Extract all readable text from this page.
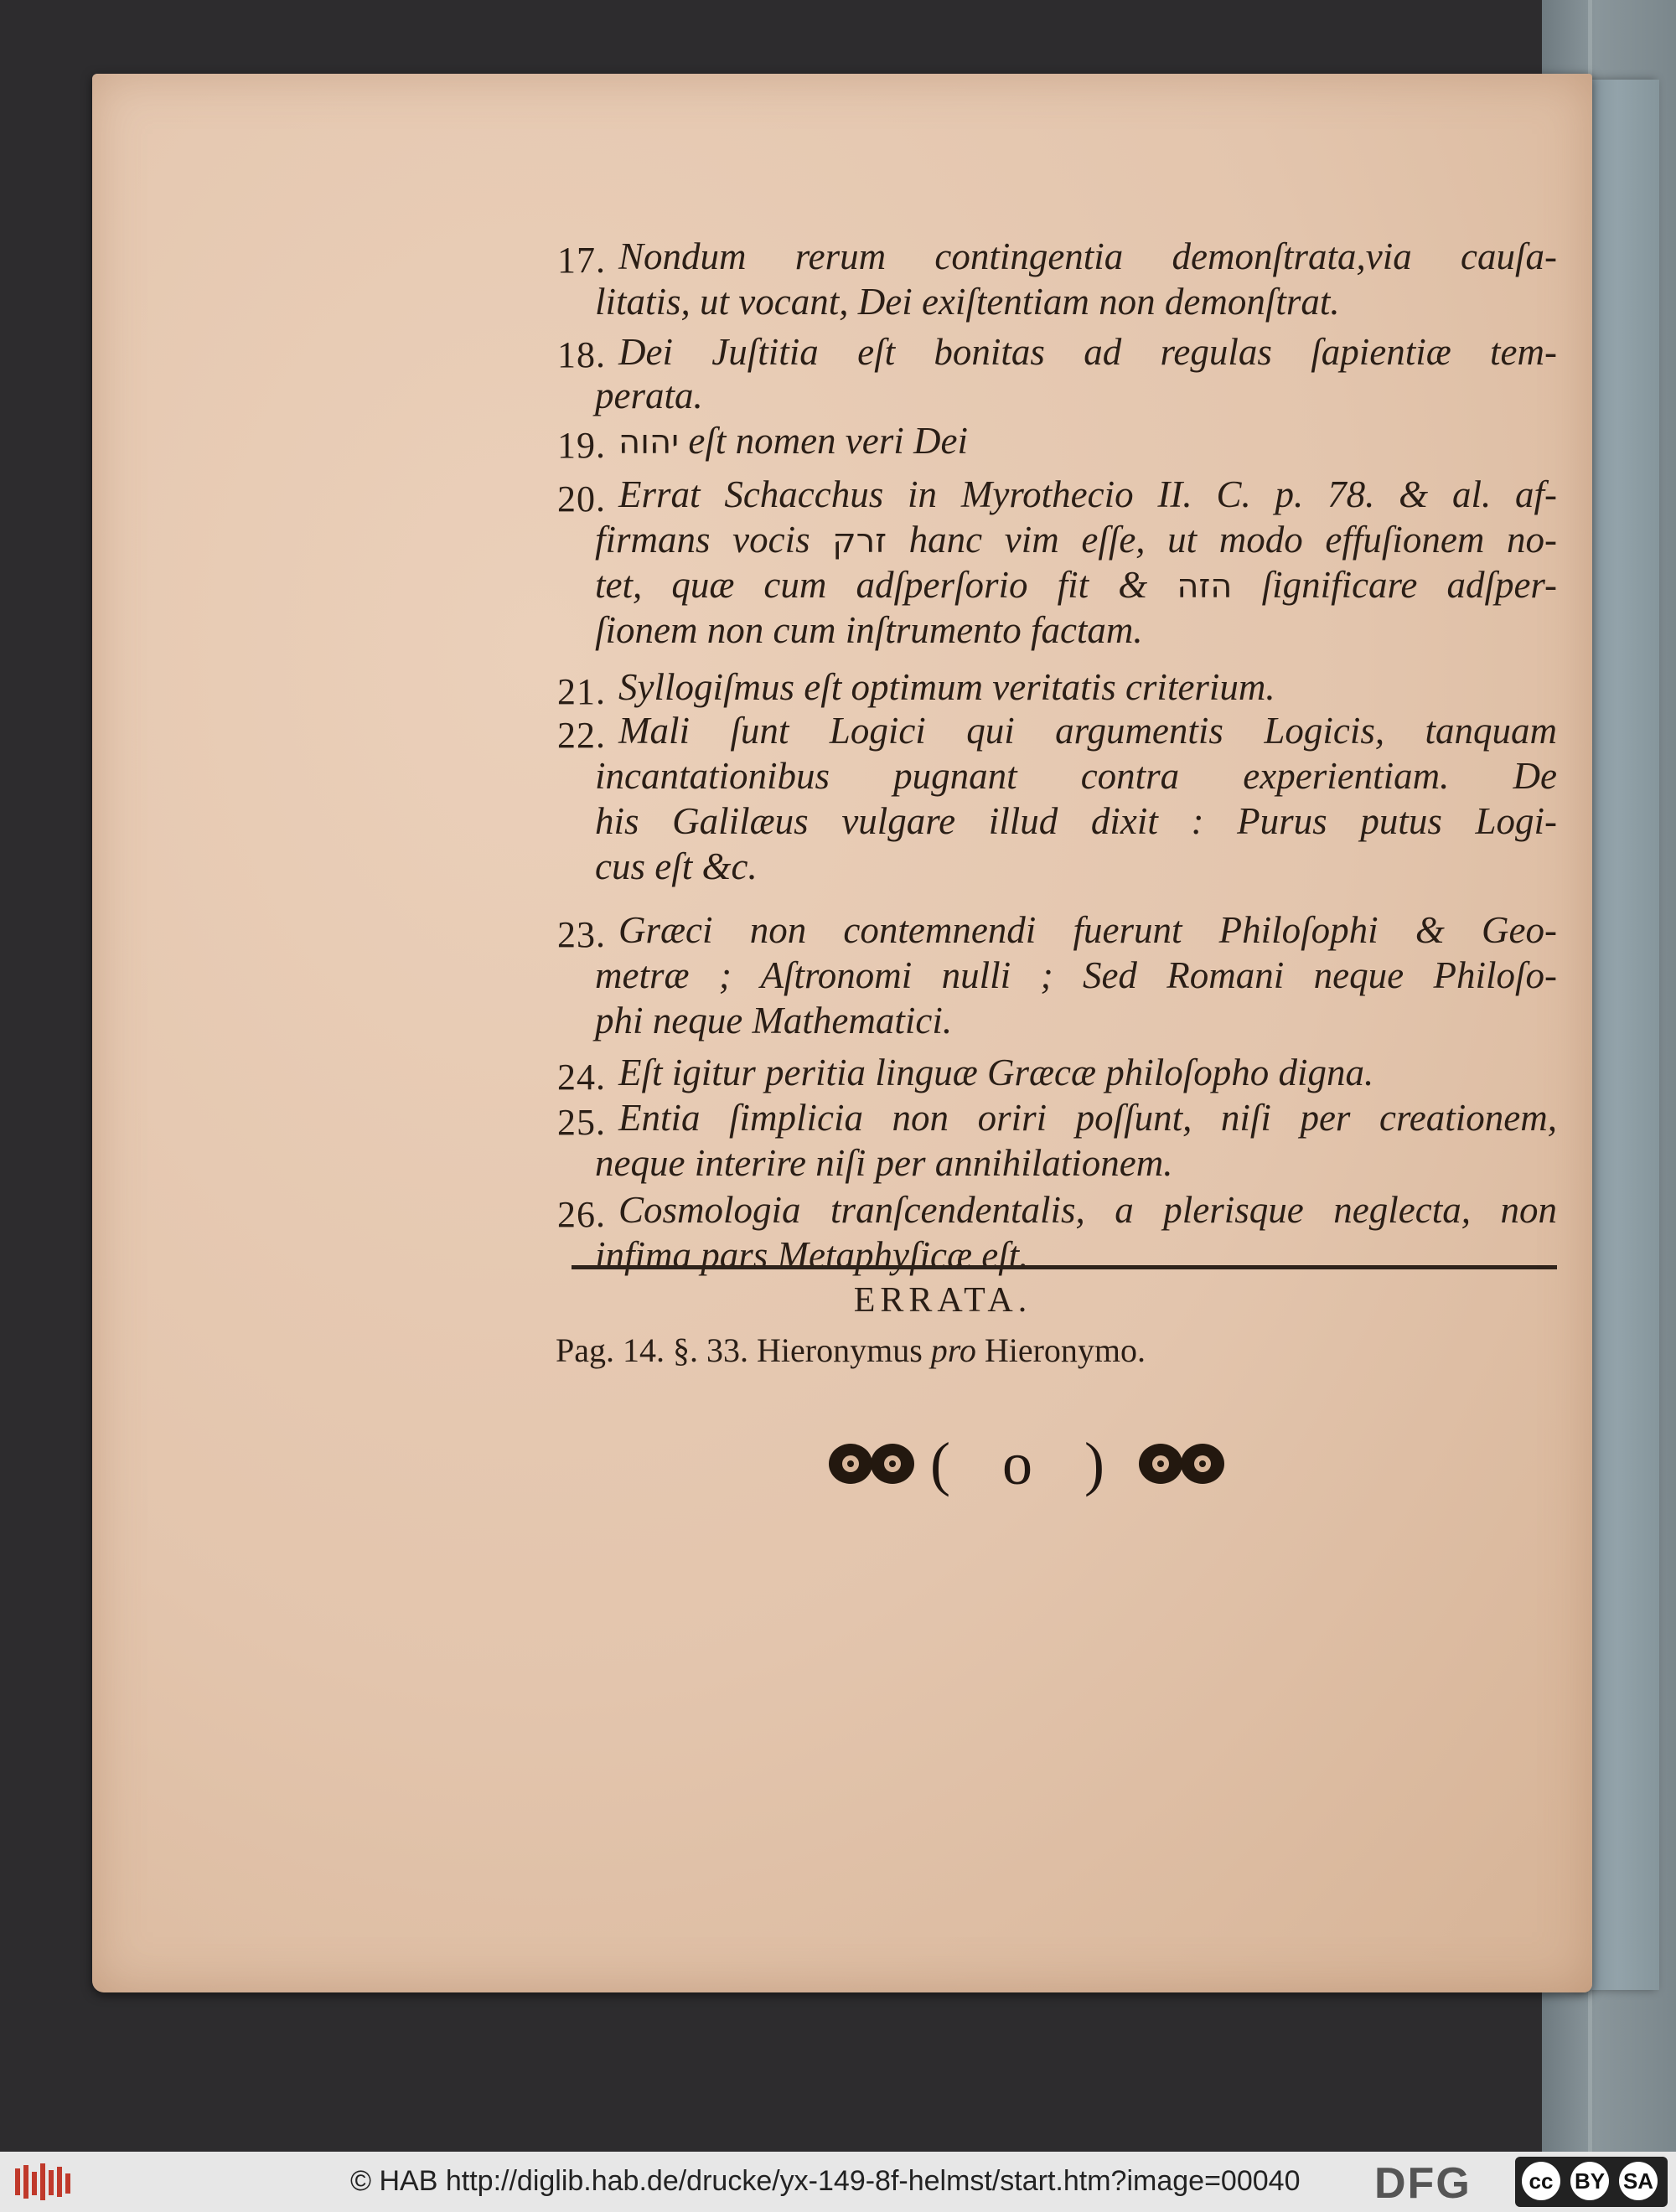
17. Nondum rerum contingentia demonſtrata,via cauſa-
litatis, ut vocant, Dei exiſtentiam non demonſtrat.
18. Dei Juſtitia eſt bonitas ad regulas ſapientiæ tem-
perata.
19. יהוה eſt nomen veri Dei
20. Errat Schacchus in Myrothecio II. C. p. 78. & al. af-
firmans vocis זרק hanc vim eſſe, ut modo effuſionem no-
tet, quæ cum adſperſorio fit & הזה ſignificare adſper-
ſionem non cum inſtrumento factam.
21. Syllogiſmus eſt optimum veritatis criterium.
22. Mali ſunt Logici qui argumentis Logicis, tanquam
incantationibus pugnant contra experientiam. De
his Galilæus vulgare illud dixit : Purus putus Logi-
cus eſt &c.
23. Græci non contemnendi fuerunt Philoſophi & Geo-
metræ ; Aſtronomi nulli ; Sed Romani neque Philoſo-
phi neque Mathematici.
24. Eſt igitur peritia linguæ Græcæ philoſopho digna.
25. Entia ſimplicia non oriri poſſunt, niſi per creationem,
neque interire niſi per annihilationem.
26. Cosmologia tranſcendentalis, a plerisque neglecta, non
infima pars Metaphyſicæ eſt.
ERRATA.
Pag. 14. §. 33. Hieronymus pro Hieronymo.
( o )
© HAB http://diglib.hab.de/drucke/yx-149-8f-helmst/start.htm?image=00040 DFG	cc BY SA
